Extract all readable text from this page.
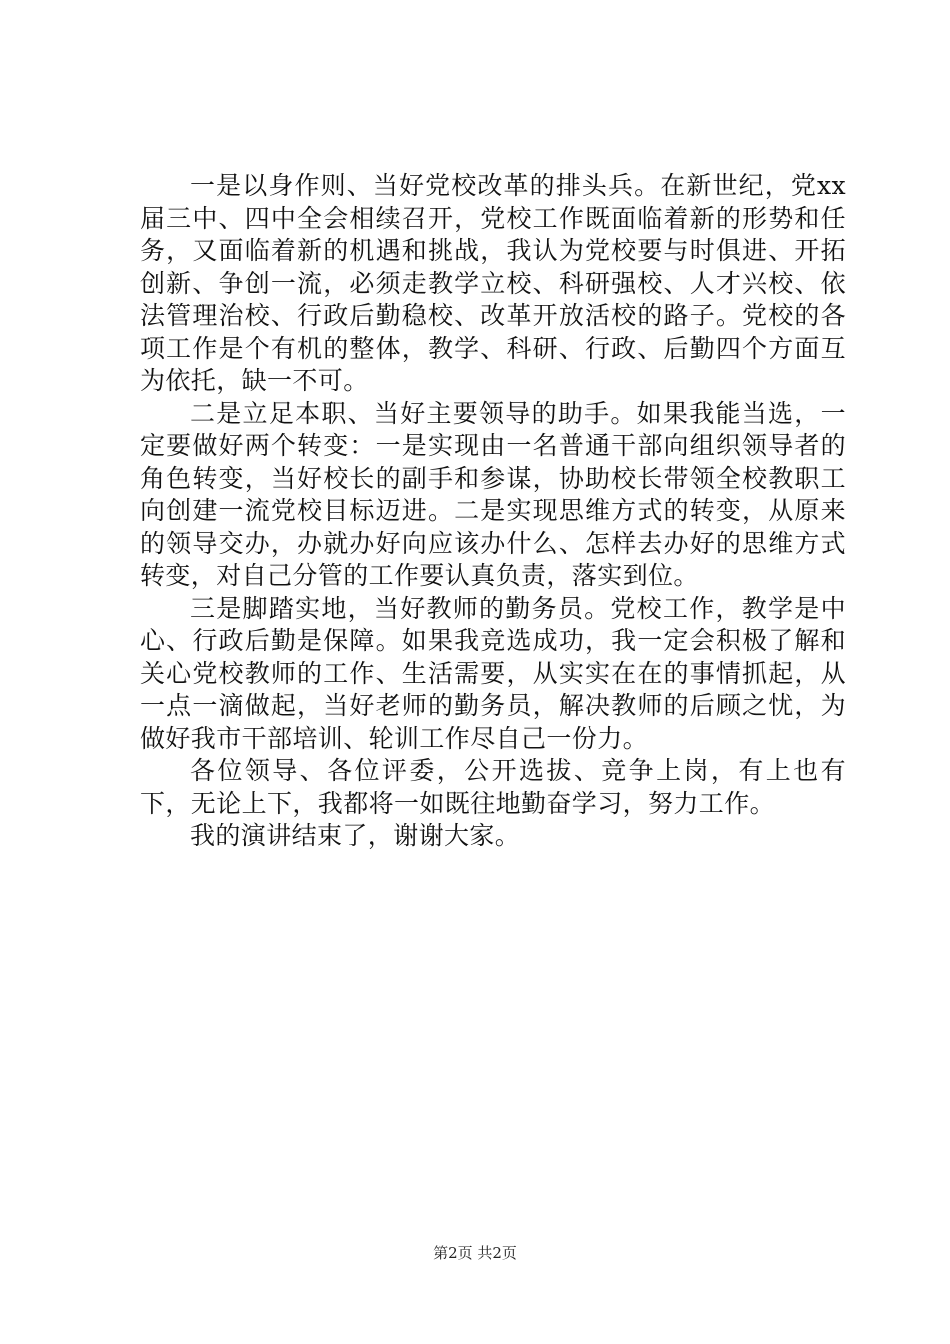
一是以身作则、当好党校改革的排头兵。在新世纪，党xx届三中、四中全会相续召开，党校工作既面临着新的形势和任务，又面临着新的机遇和挑战，我认为党校要与时俱进、开拓创新、争创一流，必须走教学立校、科研强校、人才兴校、依法管理治校、行政后勤稳校、改革开放活校的路子。党校的各项工作是个有机的整体，教学、科研、行政、后勤四个方面互为依托，缺一不可。

二是立足本职、当好主要领导的助手。如果我能当选，一定要做好两个转变：一是实现由一名普通干部向组织领导者的角色转变，当好校长的副手和参谋，协助校长带领全校教职工向创建一流党校目标迈进。二是实现思维方式的转变，从原来的领导交办，办就办好向应该办什么、怎样去办好的思维方式转变，对自己分管的工作要认真负责，落实到位。

三是脚踏实地，当好教师的勤务员。党校工作，教学是中心、行政后勤是保障。如果我竞选成功，我一定会积极了解和关心党校教师的工作、生活需要，从实实在在的事情抓起，从一点一滴做起，当好老师的勤务员，解决教师的后顾之忧，为做好我市干部培训、轮训工作尽自己一份力。

各位领导、各位评委，公开选拔、竞争上岗，有上也有下，无论上下，我都将一如既往地勤奋学习，努力工作。

我的演讲结束了，谢谢大家。

第2页 共2页
